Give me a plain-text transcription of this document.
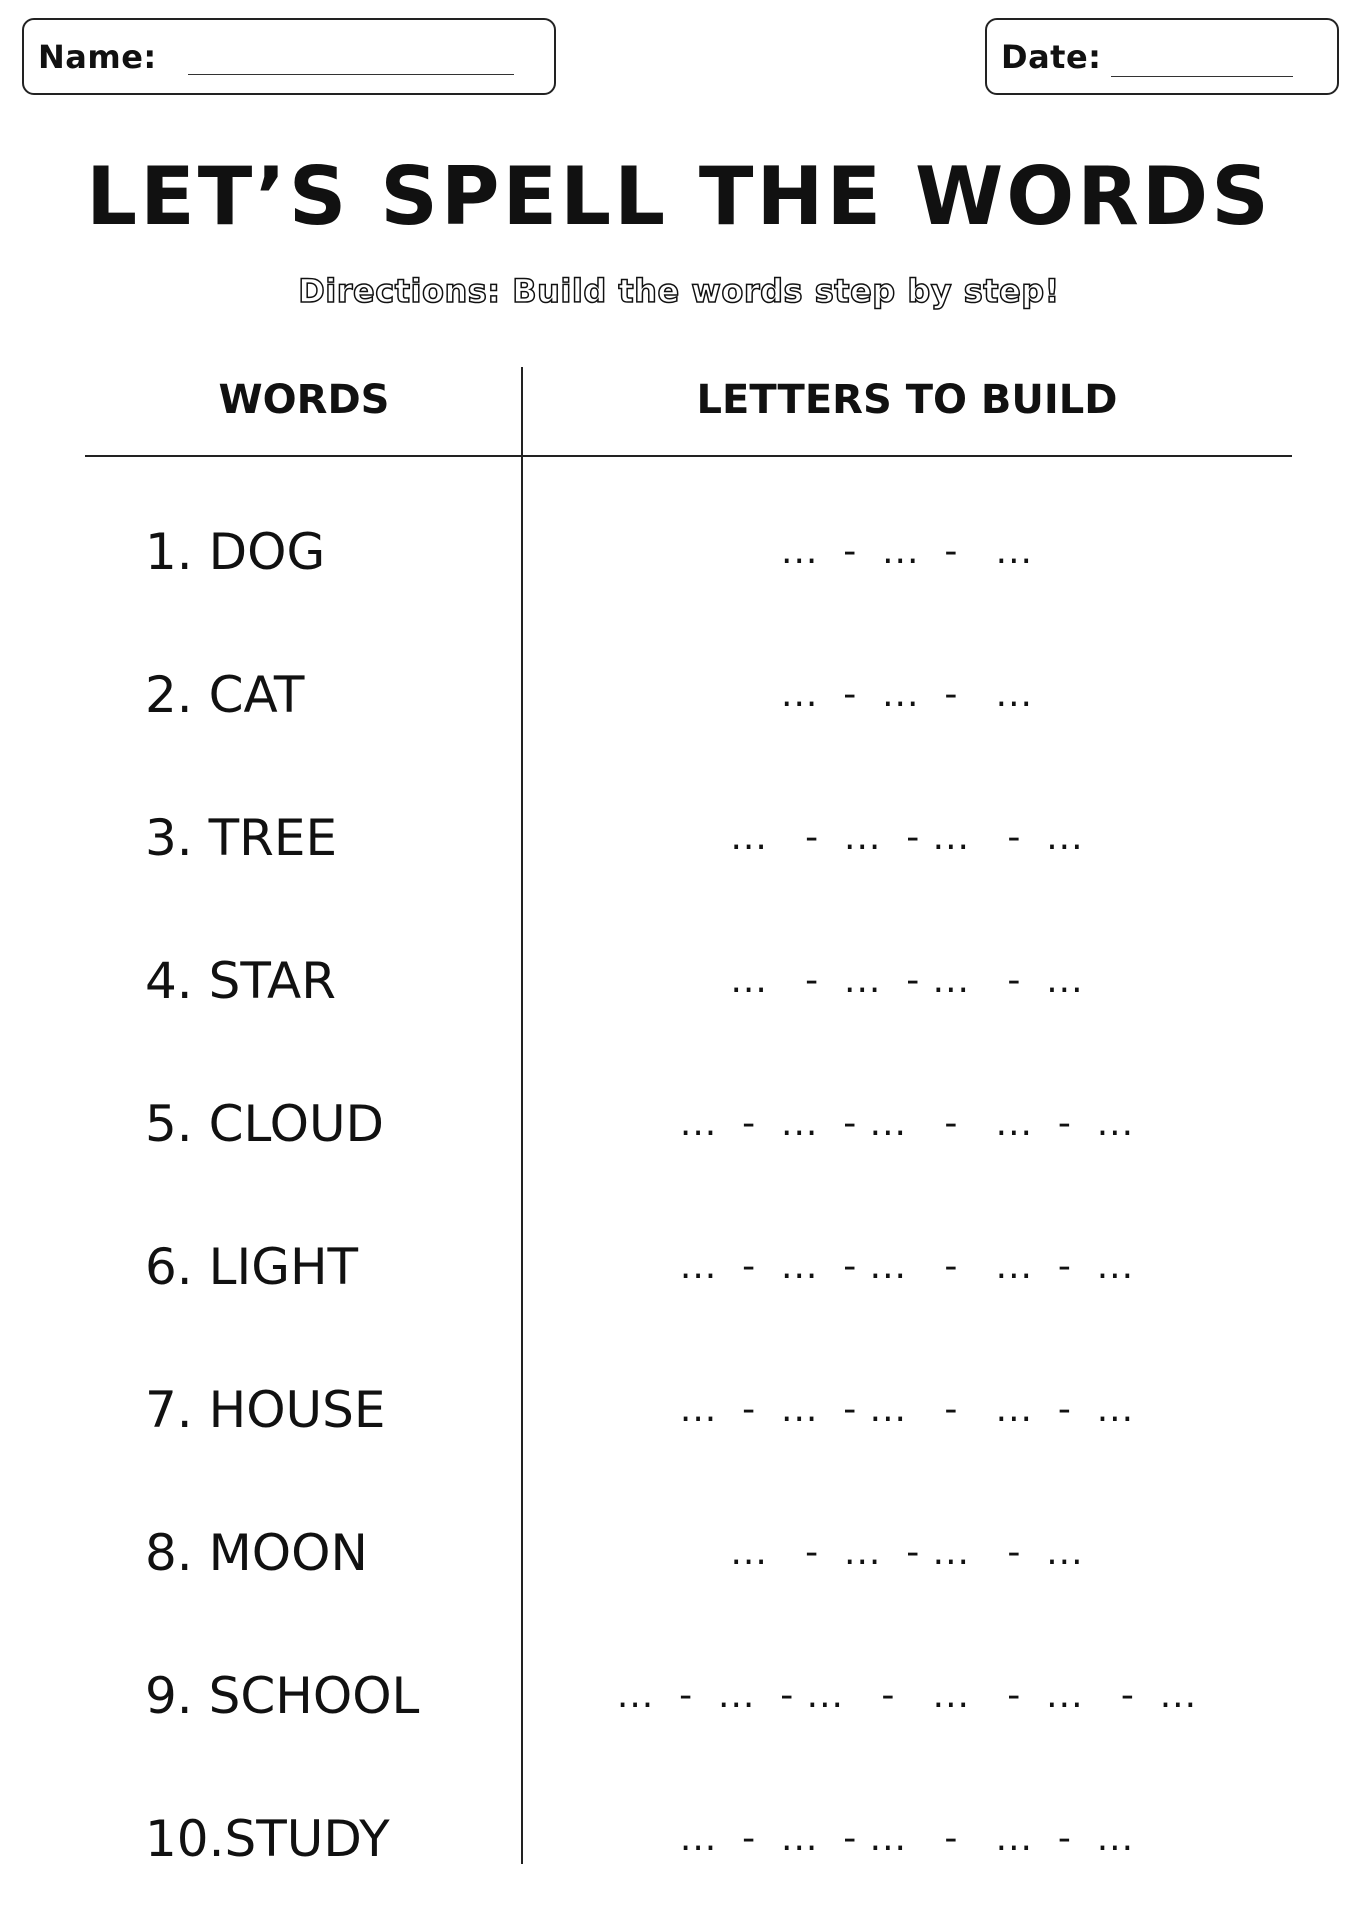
Name:	Date:
LET’S SPELL THE WORDS
Directions: Build the words step by step!
WORDS	LETTERS TO BUILD
1. DOG	...  -  ...  -   ...
2. CAT	...  -  ...  -   ...
3. TREE	...   -  ...  - ...   -  ...
4. STAR	...   -  ...  - ...   -  ...
5. CLOUD	...  -  ...  - ...   -   ...  -  ...
6. LIGHT	...  -  ...  - ...   -   ...  -  ...
7. HOUSE	...  -  ...  - ...   -   ...  -  ...
8. MOON	...   -  ...  - ...   -  ...
9. SCHOOL	...  -  ...  - ...   -   ...   -  ...   -  ...
10.STUDY	...  -  ...  - ...   -   ...  -  ...
